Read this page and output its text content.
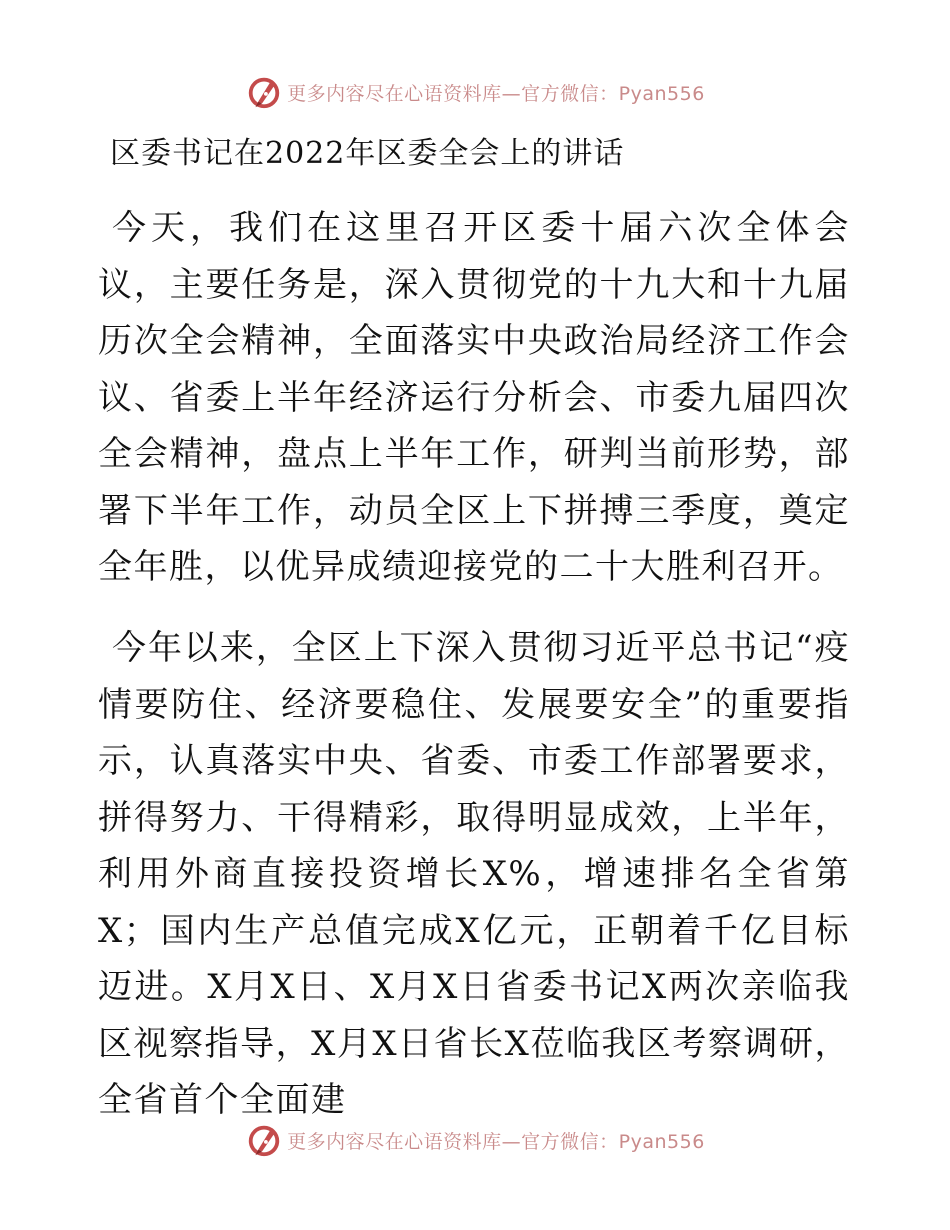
更多内容尽在心语资料库—官方微信：Pyan556
区委书记在2022年区委全会上的讲话

今天，我们在这里召开区委十届六次全体会议，主要任务是，深入贯彻党的十九大和十九届历次全会精神，全面落实中央政治局经济工作会议、省委上半年经济运行分析会、市委九届四次全会精神，盘点上半年工作，研判当前形势，部署下半年工作，动员全区上下拼搏三季度，奠定全年胜，以优异成绩迎接党的二十大胜利召开。

今年以来，全区上下深入贯彻习近平总书记“疫情要防住、经济要稳住、发展要安全”的重要指示，认真落实中央、省委、市委工作部署要求，拼得努力、干得精彩，取得明显成效，上半年，利用外商直接投资增长X%，增速排名全省第X；国内生产总值完成X亿元，正朝着千亿目标迈进。X月X日、X月X日省委书记X两次亲临我区视察指导，X月X日省长X莅临我区考察调研，全省首个全面建

更多内容尽在心语资料库—官方微信：Pyan556
